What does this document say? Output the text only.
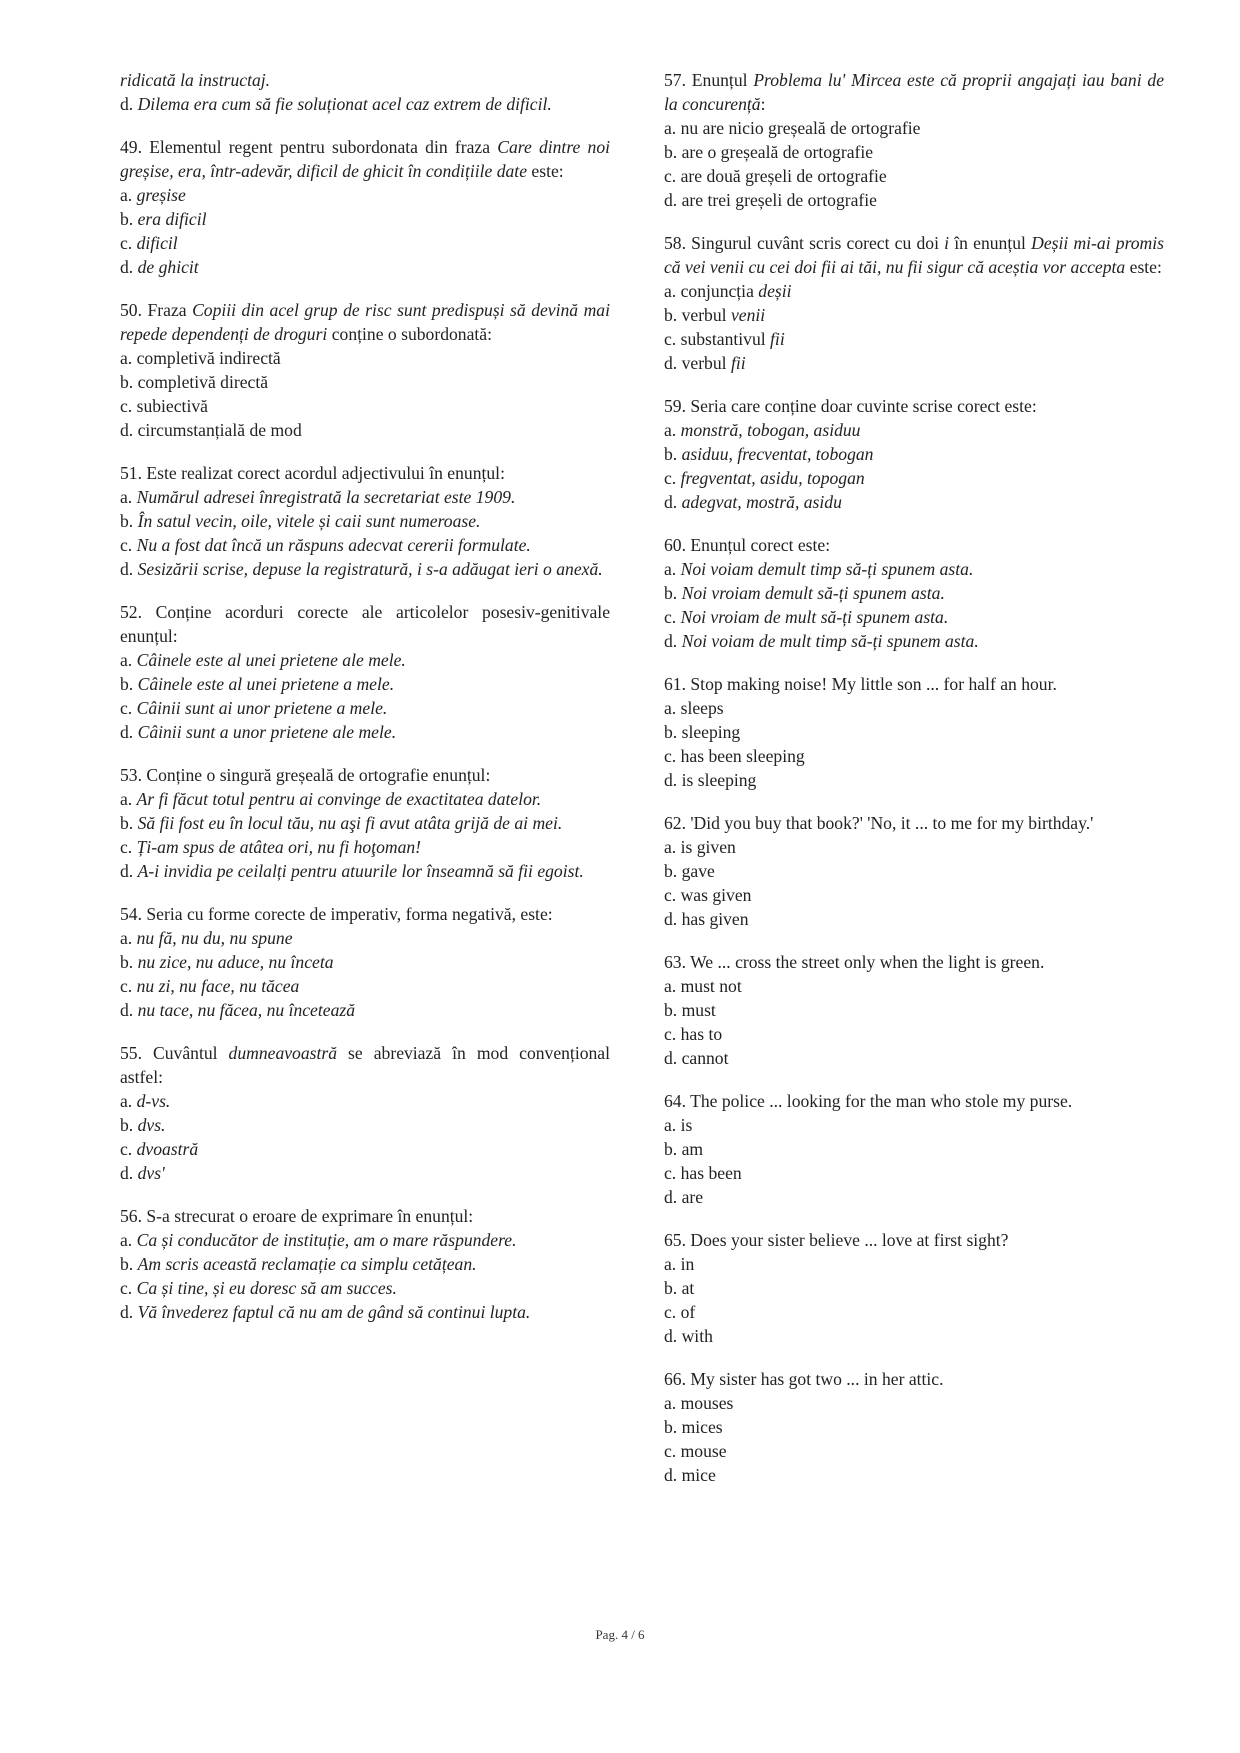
ridicată la instructaj.
d. Dilema era cum să fie soluționat acel caz extrem de dificil.
49. Elementul regent pentru subordonata din fraza Care dintre noi greșise, era, într-adevăr, dificil de ghicit în condițiile date este:
a. greșise
b. era dificil
c. dificil
d. de ghicit
50. Fraza Copiii din acel grup de risc sunt predispuși să devină mai repede dependenți de droguri conține o subordonată:
a. completivă indirectă
b. completivă directă
c. subiectivă
d. circumstanțială de mod
51. Este realizat corect acordul adjectivului în enunțul:
a. Numărul adresei înregistrată la secretariat este 1909.
b. În satul vecin, oile, vitele și caii sunt numeroase.
c. Nu a fost dat încă un răspuns adecvat cererii formulate.
d. Sesizării scrise, depuse la registratură, i s-a adăugat ieri o anexă.
52. Conține acorduri corecte ale articolelor posesiv-genitivale enunțul:
a. Câinele este al unei prietene ale mele.
b. Câinele este al unei prietene a mele.
c. Câinii sunt ai unor prietene a mele.
d. Câinii sunt a unor prietene ale mele.
53. Conține o singură greșeală de ortografie enunțul:
a. Ar fi făcut totul pentru ai convinge de exactitatea datelor.
b. Să fii fost eu în locul tău, nu aşi fi avut atâta grijă de ai mei.
c. Ți-am spus de atâtea ori, nu fi hoţoman!
d. A-i invidia pe ceilalți pentru atuurile lor înseamnă să fii egoist.
54. Seria cu forme corecte de imperativ, forma negativă, este:
a. nu fă, nu du, nu spune
b. nu zice, nu aduce, nu înceta
c. nu zi, nu face, nu tăcea
d. nu tace, nu făcea, nu încetează
55. Cuvântul dumneavoastră se abreviază în mod convențional astfel:
a. d-vs.
b. dvs.
c. dvoastră
d. dvs'
56. S-a strecurat o eroare de exprimare în enunțul:
a. Ca și conducător de instituție, am o mare răspundere.
b. Am scris această reclamație ca simplu cetățean.
c. Ca și tine, și eu doresc să am succes.
d. Vă învederez faptul că nu am de gând să continui lupta.
57. Enunțul Problema lu' Mircea este că proprii angajați iau bani de la concurență:
a. nu are nicio greșeală de ortografie
b. are o greșeală de ortografie
c. are două greșeli de ortografie
d. are trei greșeli de ortografie
58. Singurul cuvânt scris corect cu doi i în enunțul Deșii mi-ai promis că vei venii cu cei doi fii ai tăi, nu fii sigur că aceștia vor accepta este:
a. conjuncția deșii
b. verbul venii
c. substantivul fii
d. verbul fii
59. Seria care conține doar cuvinte scrise corect este:
a. monstră, tobogan, asiduu
b. asiduu, frecventat, tobogan
c. fregventat, asidu, topogan
d. adegvat, mostră, asidu
60. Enunțul corect este:
a. Noi voiam demult timp să-ți spunem asta.
b. Noi vroiam demult să-ți spunem asta.
c. Noi vroiam de mult să-ți spunem asta.
d. Noi voiam de mult timp să-ți spunem asta.
61. Stop making noise! My little son ... for half an hour.
a. sleeps
b. sleeping
c. has been sleeping
d. is sleeping
62. 'Did you buy that book?' 'No, it ... to me for my birthday.'
a. is given
b. gave
c. was given
d. has given
63. We ... cross the street only when the light is green.
a. must not
b. must
c. has to
d. cannot
64. The police ... looking for the man who stole my purse.
a. is
b. am
c. has been
d. are
65. Does your sister believe ... love at first sight?
a. in
b. at
c. of
d. with
66. My sister has got two ... in her attic.
a. mouses
b. mices
c. mouse
d. mice
Pag. 4 / 6
